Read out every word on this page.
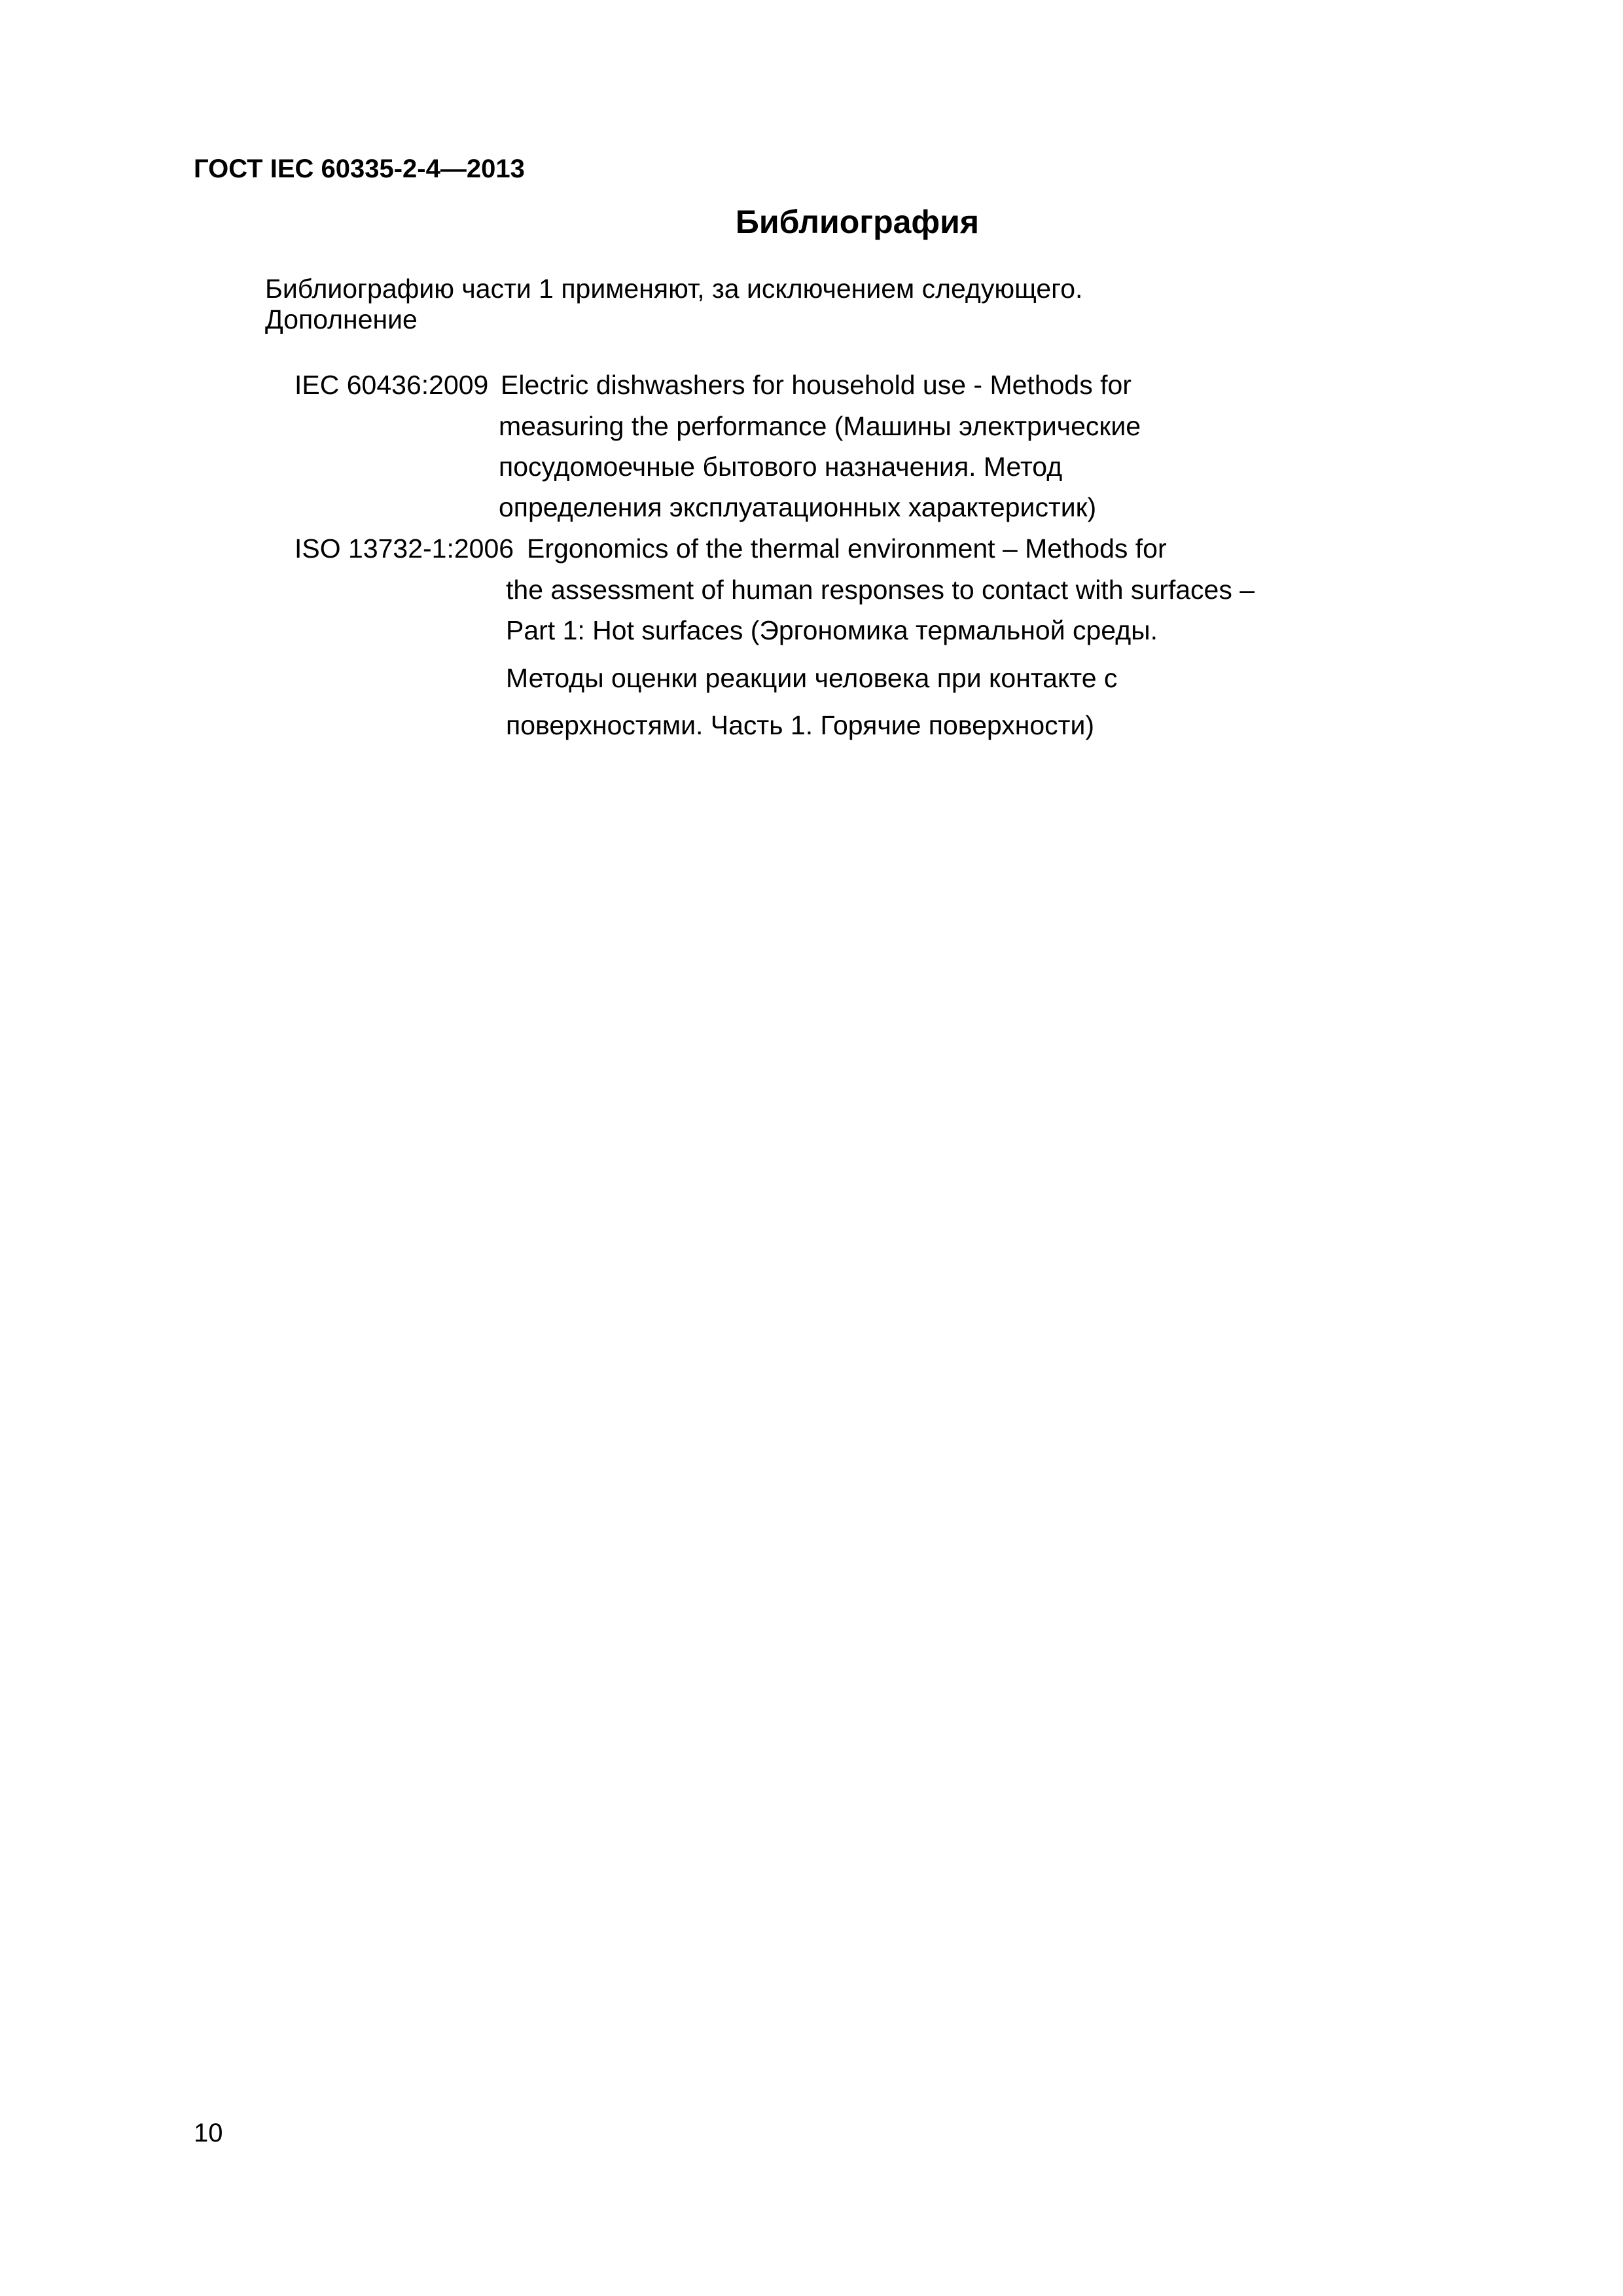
ГОСТ IEC 60335-2-4—2013
Библиография
Библиографию части 1 применяют, за исключением следующего.
Дополнение
IEC 60436:2009 Electric dishwashers for household use - Methods for
measuring the performance (Машины электрические
посудомоечные бытового назначения. Метод
определения эксплуатационных характеристик)
ISO 13732-1:2006 Ergonomics of the thermal environment – Methods for
the assessment of human responses to contact with surfaces –
Part 1: Hot surfaces (Эргономика термальной среды.
Методы оценки реакции человека при контакте с
поверхностями. Часть 1. Горячие поверхности)
10
